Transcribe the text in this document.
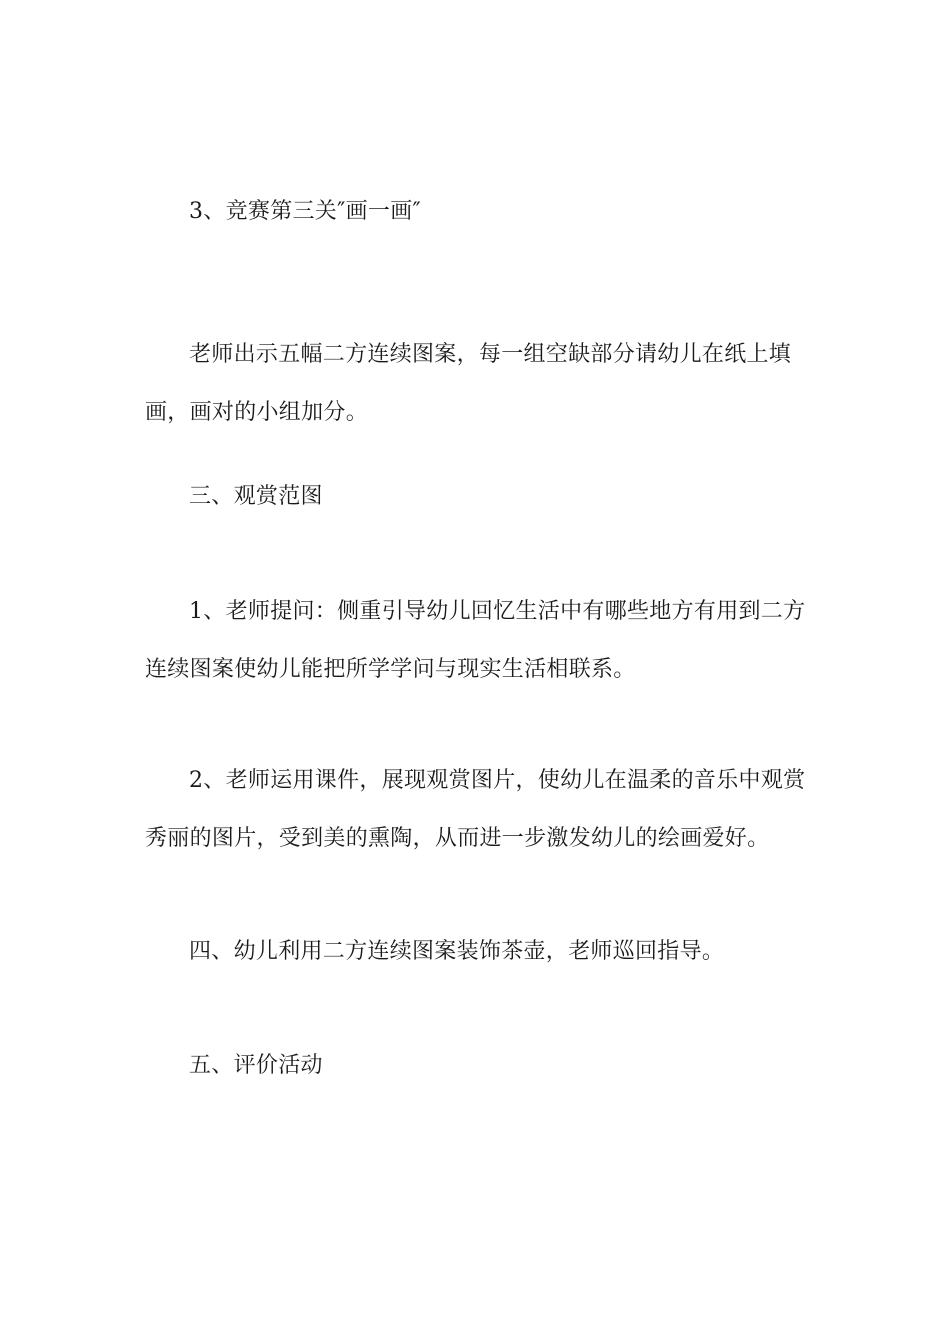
3、竞赛第三关″画一画″

老师出示五幅二方连续图案，每一组空缺部分请幼儿在纸上填
画，画对的小组加分。

三、观赏范图

1、老师提问：侧重引导幼儿回忆生活中有哪些地方有用到二方
连续图案使幼儿能把所学学问与现实生活相联系。

2、老师运用课件，展现观赏图片，使幼儿在温柔的音乐中观赏
秀丽的图片，受到美的熏陶，从而进一步激发幼儿的绘画爱好。

四、幼儿利用二方连续图案装饰茶壶，老师巡回指导。

五、评价活动
